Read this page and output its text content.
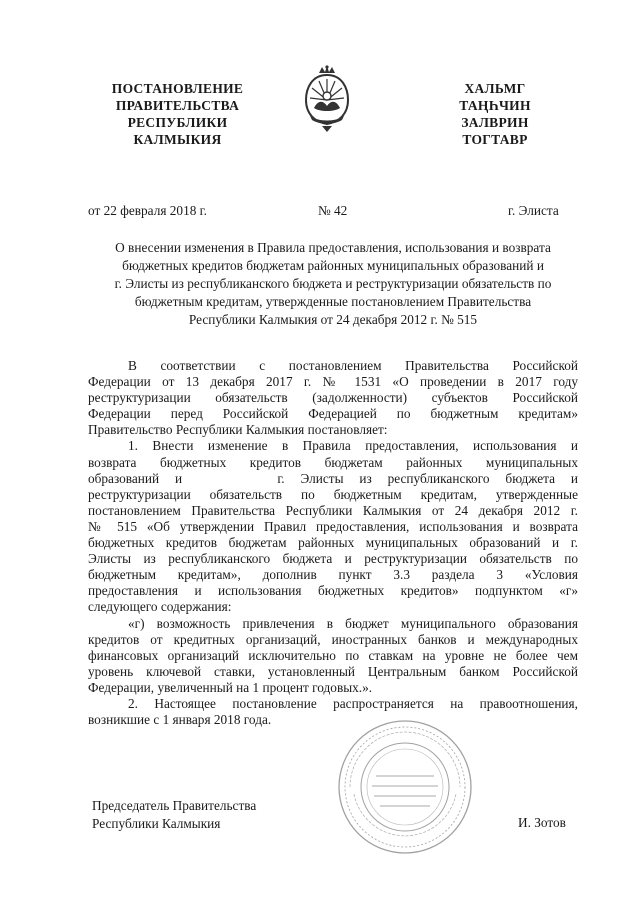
ПОСТАНОВЛЕНИЕ
ПРАВИТЕЛЬСТВА
РЕСПУБЛИКИ
КАЛМЫКИЯ
ХАЛЬМГ
ТАҢҺЧИН
ЗАЛВРИН
ТОГТАВР
от 22 февраля 2018 г.	№ 42	г. Элиста
О внесении изменения в Правила предоставления, использования и возврата
бюджетных кредитов бюджетам районных муниципальных образований и
г. Элисты из республиканского бюджета и реструктуризации обязательств по
бюджетным кредитам, утвержденные постановлением Правительства
Республики Калмыкия от 24 декабря 2012 г. № 515
В соответствии с постановлением Правительства Российской
Федерации от 13 декабря 2017 г. № 1531 «О проведении в 2017 году
реструктуризации обязательств (задолженности) субъектов Российской
Федерации перед Российской Федерацией по бюджетным кредитам»
Правительство Республики Калмыкия постановляет:
1. Внести изменение в Правила предоставления, использования и
возврата бюджетных кредитов бюджетам районных муниципальных
образований и      г. Элисты из республиканского бюджета и
реструктуризации обязательств по бюджетным кредитам, утвержденные
постановлением Правительства Республики Калмыкия от 24 декабря 2012 г.
№ 515 «Об утверждении Правил предоставления, использования и возврата
бюджетных кредитов бюджетам районных муниципальных образований и г.
Элисты из республиканского бюджета и реструктуризации обязательств по
бюджетным кредитам», дополнив пункт 3.3 раздела 3 «Условия
предоставления и использования бюджетных кредитов» подпунктом «г»
следующего содержания:
«г) возможность привлечения в бюджет муниципального образования
кредитов от кредитных организаций, иностранных банков и международных
финансовых организаций исключительно по ставкам на уровне не более чем
уровень ключевой ставки, установленный Центральным банком Российской
Федерации, увеличенный на 1 процент годовых.».
2. Настоящее постановление распространяется на правоотношения,
возникшие с 1 января 2018 года.
Председатель Правительства
Республики Калмыкия	И. Зотов
